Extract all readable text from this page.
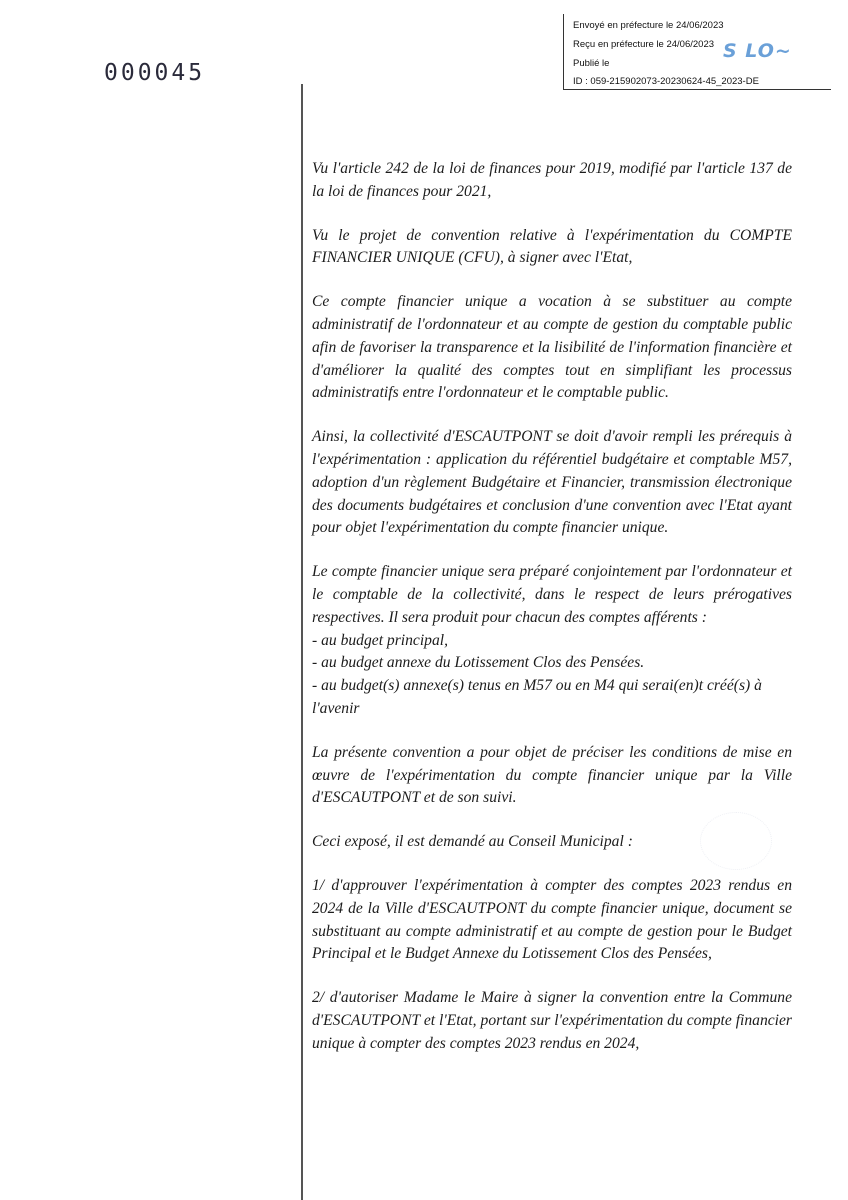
000045
Envoyé en préfecture le 24/06/2023
Reçu en préfecture le 24/06/2023 S LO~
Publié le
ID : 059-215902073-20230624-45_2023-DE

Vu l'article 242 de la loi de finances pour 2019, modifié par l'article 137 de la loi de finances pour 2021,

Vu le projet de convention relative à l'expérimentation du COMPTE FINANCIER UNIQUE (CFU), à signer avec l'Etat,

Ce compte financier unique a vocation à se substituer au compte administratif de l'ordonnateur et au compte de gestion du comptable public afin de favoriser la transparence et la lisibilité de l'information financière et d'améliorer la qualité des comptes tout en simplifiant les processus administratifs entre l'ordonnateur et le comptable public.

Ainsi, la collectivité d'ESCAUTPONT se doit d'avoir rempli les prérequis à l'expérimentation : application du référentiel budgétaire et comptable M57, adoption d'un règlement Budgétaire et Financier, transmission électronique des documents budgétaires et conclusion d'une convention avec l'Etat ayant pour objet l'expérimentation du compte financier unique.

Le compte financier unique sera préparé conjointement par l'ordonnateur et le comptable de la collectivité, dans le respect de leurs prérogatives respectives. Il sera produit pour chacun des comptes afférents :

- au budget principal,

- au budget annexe du Lotissement Clos des Pensées.

- au budget(s) annexe(s) tenus en M57 ou en M4 qui serai(en)t créé(s) à l'avenir

La présente convention a pour objet de préciser les conditions de mise en œuvre de l'expérimentation du compte financier unique par la Ville d'ESCAUTPONT et de son suivi.

Ceci exposé, il est demandé au Conseil Municipal :

1/ d'approuver l'expérimentation à compter des comptes 2023 rendus en 2024 de la Ville d'ESCAUTPONT du compte financier unique, document se substituant au compte administratif et au compte de gestion pour le Budget Principal et le Budget Annexe du Lotissement Clos des Pensées,

2/ d'autoriser Madame le Maire à signer la convention entre la Commune d'ESCAUTPONT et l'Etat, portant sur l'expérimentation du compte financier unique à compter des comptes 2023 rendus en 2024,
